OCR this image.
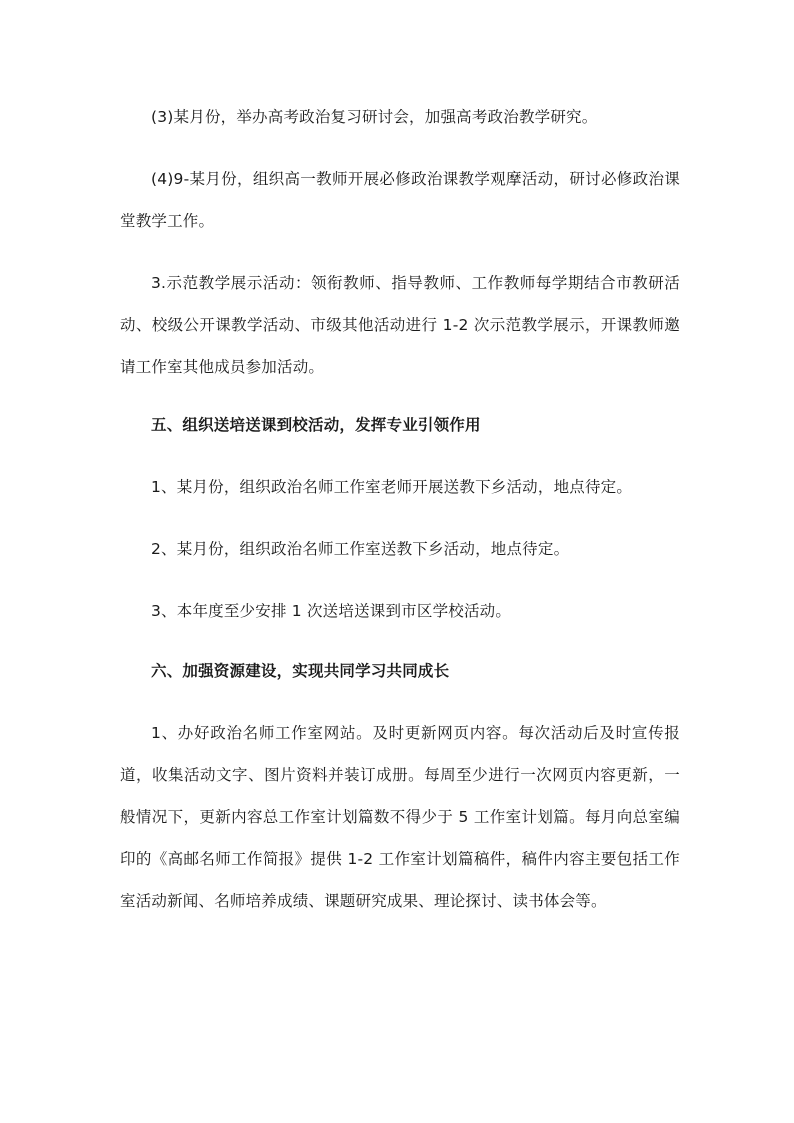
(3)某月份，举办高考政治复习研讨会，加强高考政治教学研究。

(4)9-某月份，组织高一教师开展必修政治课教学观摩活动，研讨必修政治课堂教学工作。

3.示范教学展示活动：领衔教师、指导教师、工作教师每学期结合市教研活动、校级公开课教学活动、市级其他活动进行 1-2 次示范教学展示，开课教师邀请工作室其他成员参加活动。

五、组织送培送课到校活动，发挥专业引领作用

1、某月份，组织政治名师工作室老师开展送教下乡活动，地点待定。

2、某月份，组织政治名师工作室送教下乡活动，地点待定。

3、本年度至少安排 1 次送培送课到市区学校活动。

六、加强资源建设，实现共同学习共同成长

1、办好政治名师工作室网站。及时更新网页内容。每次活动后及时宣传报道，收集活动文字、图片资料并装订成册。每周至少进行一次网页内容更新，一般情况下，更新内容总工作室计划篇数不得少于 5 工作室计划篇。每月向总室编印的《高邮名师工作简报》提供 1-2 工作室计划篇稿件，稿件内容主要包括工作室活动新闻、名师培养成绩、课题研究成果、理论探讨、读书体会等。
